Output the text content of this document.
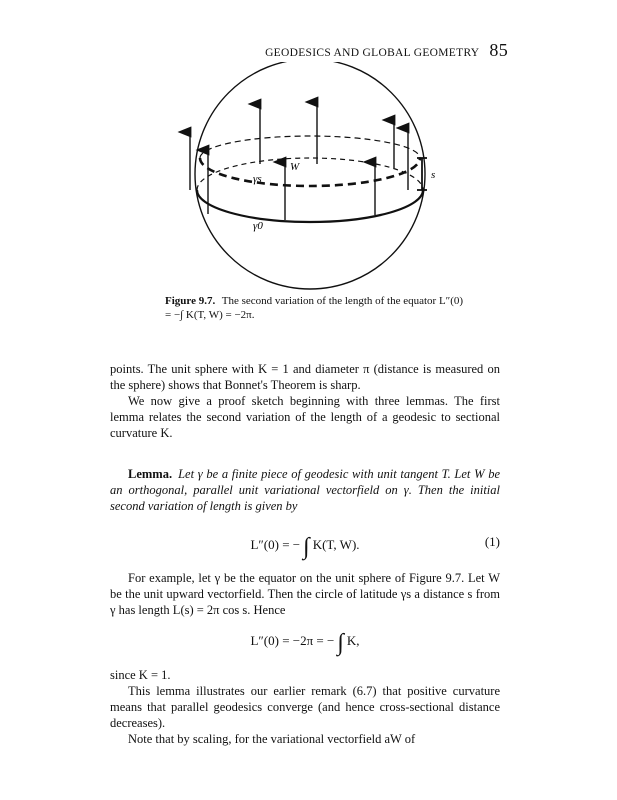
GEODESICS AND GLOBAL GEOMETRY 85
γs
W
γ0
s
Figure 9.7. The second variation of the length of the equator L″(0) = −∫ K(T, W) = −2π.

points. The unit sphere with K = 1 and diameter π (distance is measured on the sphere) shows that Bonnet's Theorem is sharp.

We now give a proof sketch beginning with three lemmas. The first lemma relates the second variation of the length of a geodesic to sectional curvature K.

Lemma. Let γ be a finite piece of geodesic with unit tangent T. Let W be an orthogonal, parallel unit variational vectorfield on γ. Then the initial second variation of length is given by

L″(0) = − ∫ K(T, W).	(1)

For example, let γ be the equator on the unit sphere of Figure 9.7. Let W be the unit upward vectorfield. Then the circle of latitude γs a distance s from γ has length L(s) = 2π cos s. Hence

L″(0) = −2π = − ∫ K,

since K = 1.

This lemma illustrates our earlier remark (6.7) that positive curvature means that parallel geodesics converge (and hence cross-sectional distance decreases).

Note that by scaling, for the variational vectorfield aW of
